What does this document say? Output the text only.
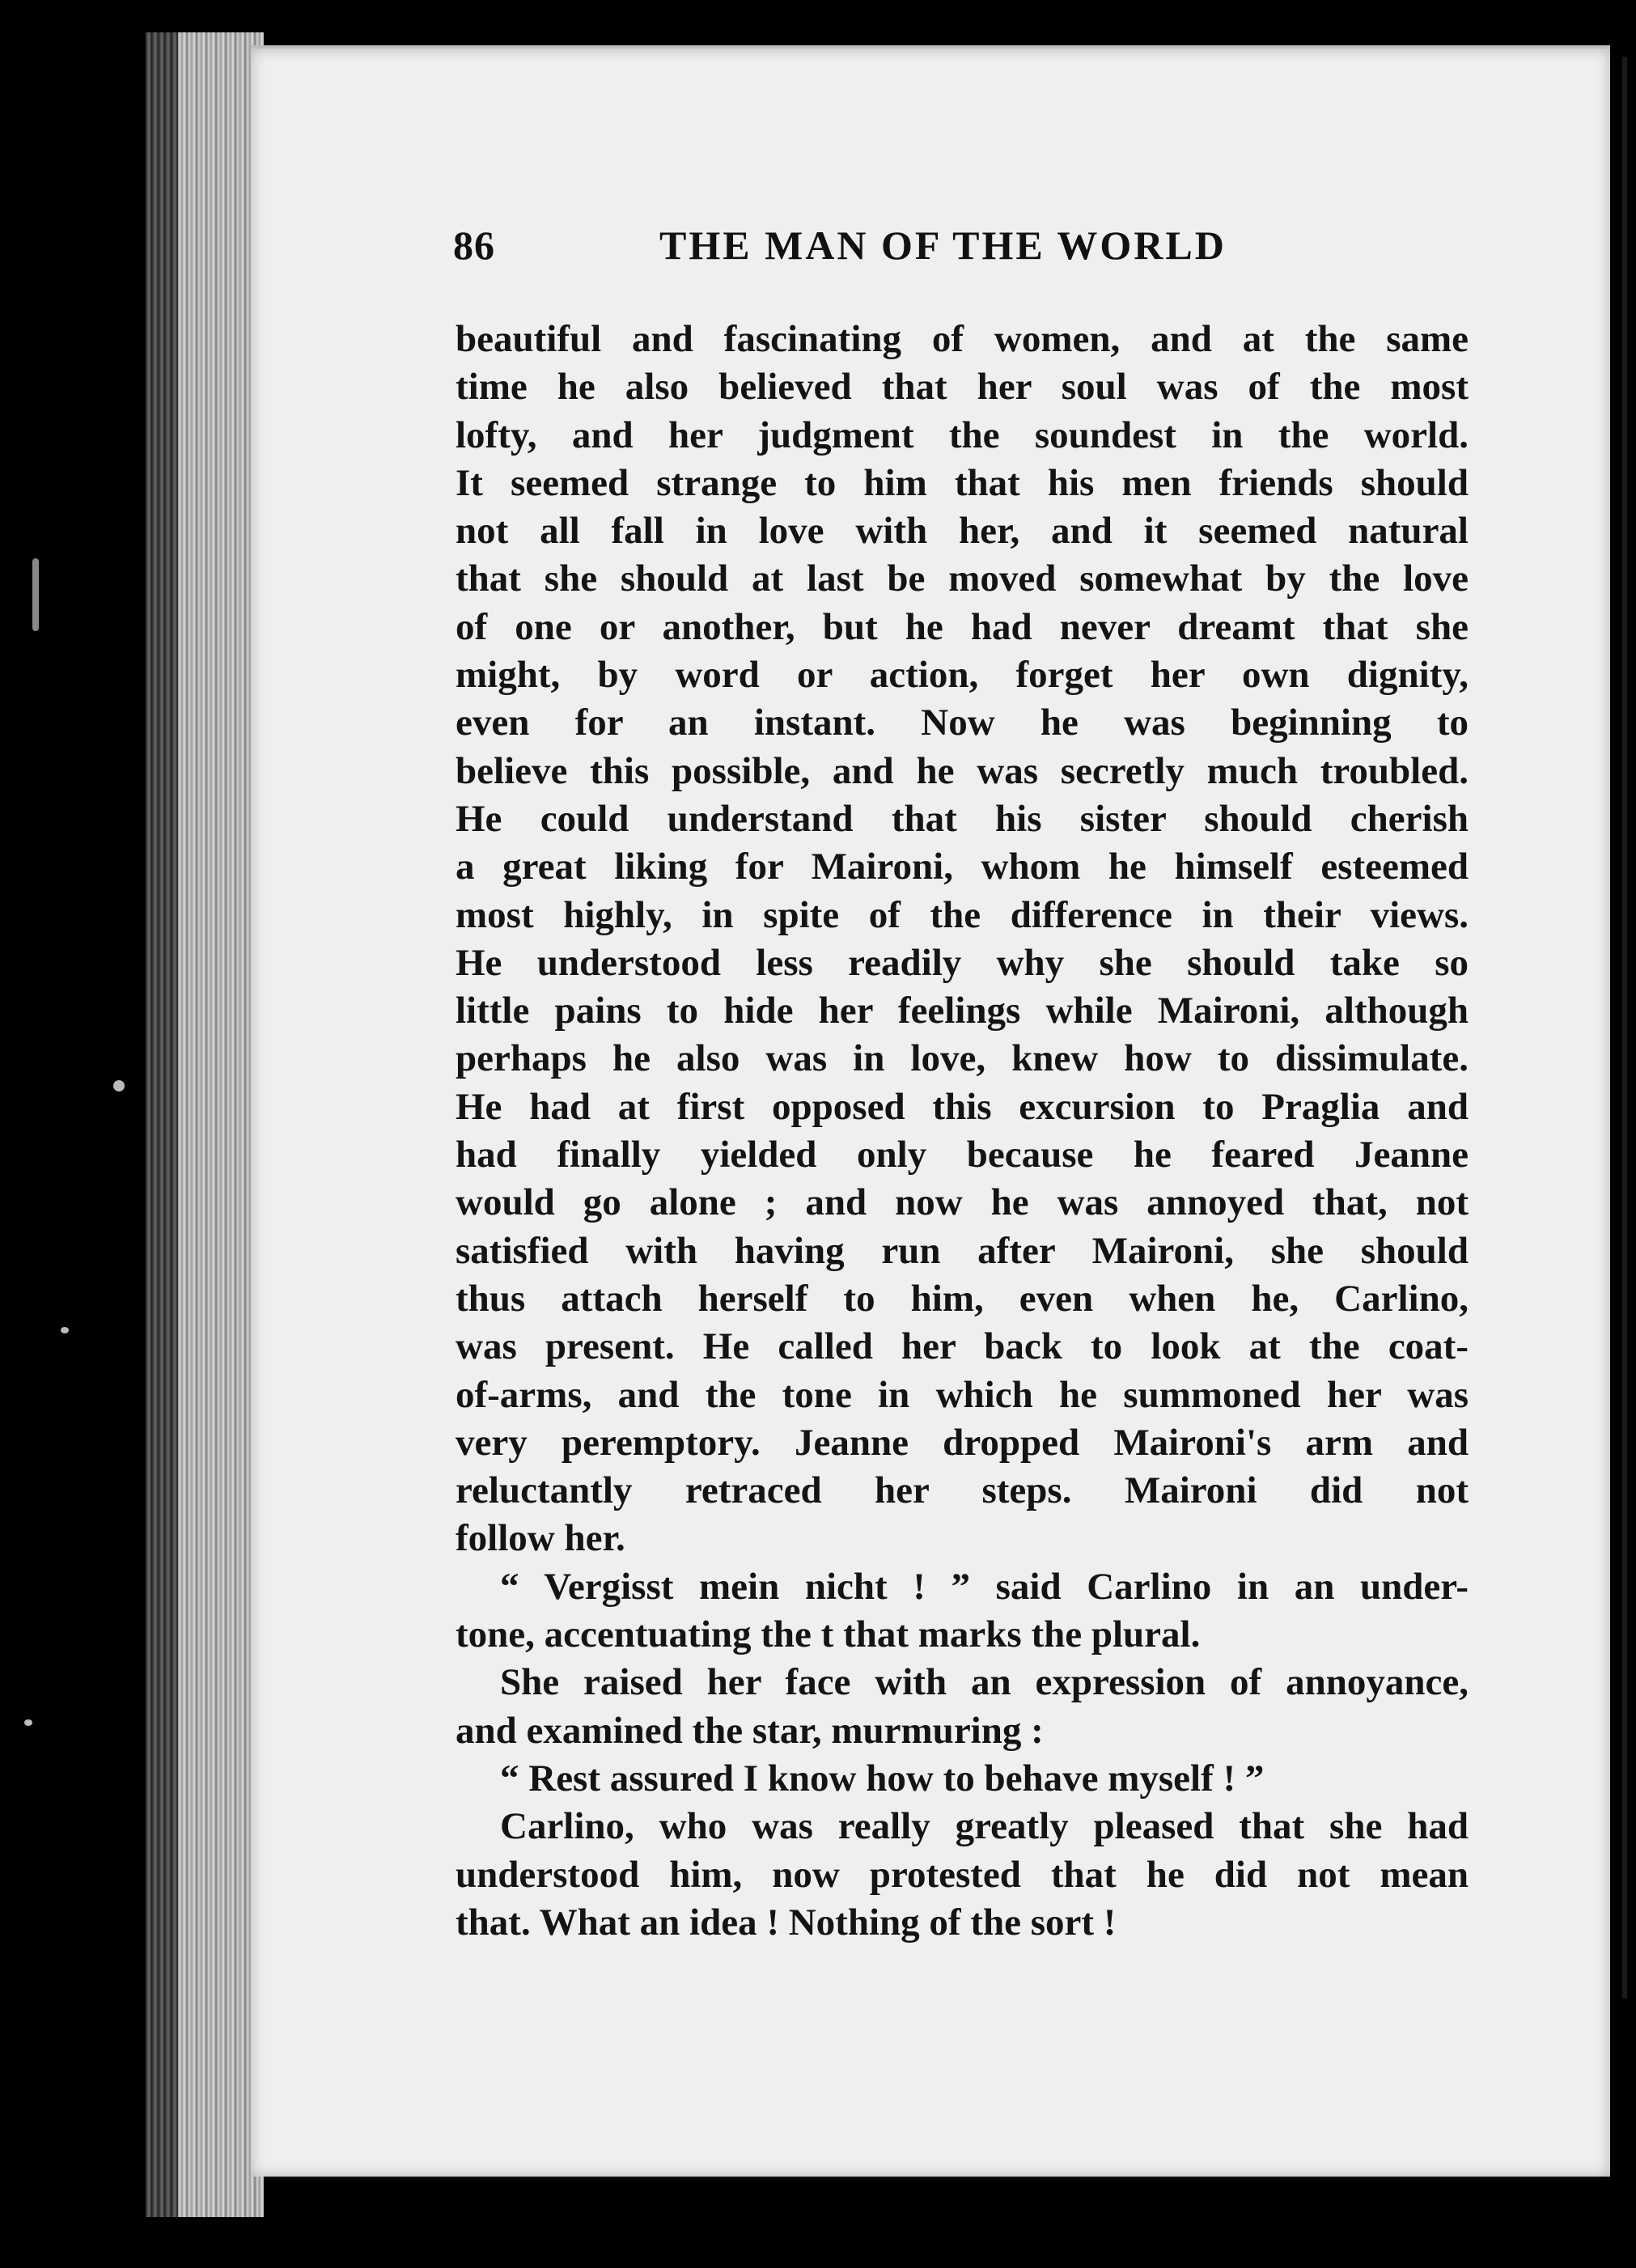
86	THE MAN OF THE WORLD
beautiful and fascinating of women, and at the same
time he also believed that her soul was of the most
lofty, and her judgment the soundest in the world.
It seemed strange to him that his men friends should
not all fall in love with her, and it seemed natural
that she should at last be moved somewhat by the love
of one or another, but he had never dreamt that she
might, by word or action, forget her own dignity,
even for an instant. Now he was beginning to
believe this possible, and he was secretly much troubled.
He could understand that his sister should cherish
a great liking for Maironi, whom he himself esteemed
most highly, in spite of the difference in their views.
He understood less readily why she should take so
little pains to hide her feelings while Maironi, although
perhaps he also was in love, knew how to dissimulate.
He had at first opposed this excursion to Praglia and
had finally yielded only because he feared Jeanne
would go alone ; and now he was annoyed that, not
satisfied with having run after Maironi, she should
thus attach herself to him, even when he, Carlino,
was present. He called her back to look at the coat-
of-arms, and the tone in which he summoned her was
very peremptory. Jeanne dropped Maironi's arm and
reluctantly retraced her steps. Maironi did not
follow her.
“ Vergisst mein nicht ! ” said Carlino in an under-
tone, accentuating the t that marks the plural.
She raised her face with an expression of annoyance,
and examined the star, murmuring :
“ Rest assured I know how to behave myself ! ”
Carlino, who was really greatly pleased that she had
understood him, now protested that he did not mean
that. What an idea ! Nothing of the sort !
